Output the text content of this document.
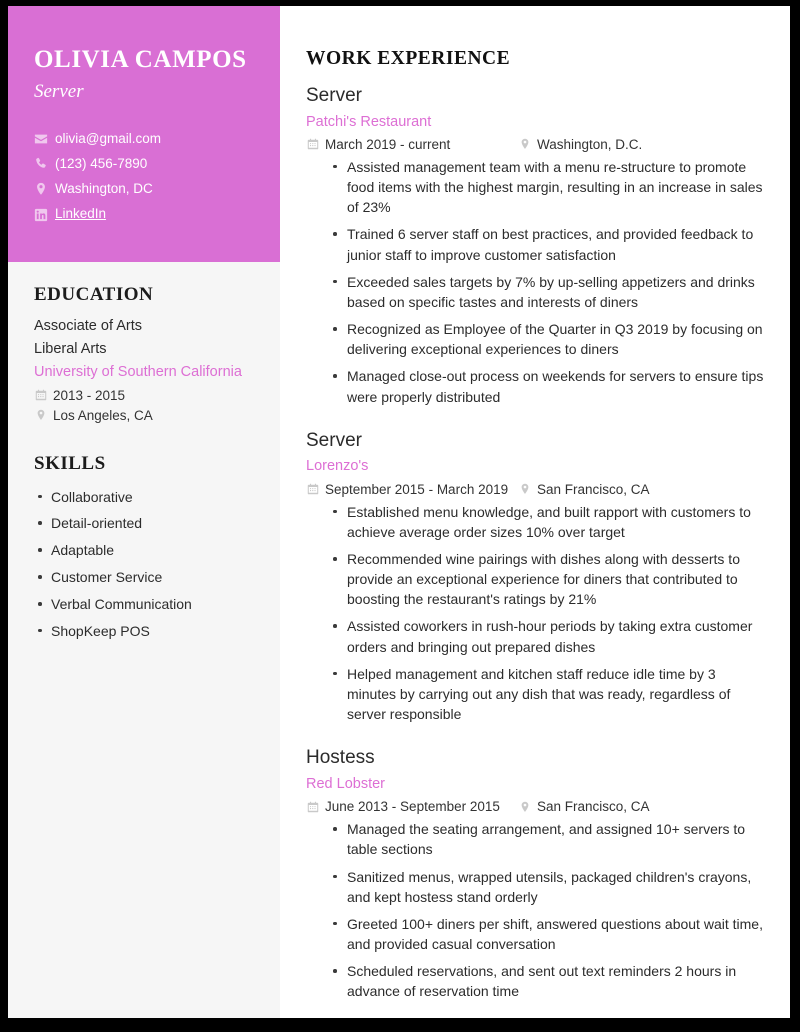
OLIVIA CAMPOS
Server
olivia@gmail.com
(123) 456-7890
Washington, DC
LinkedIn
EDUCATION
Associate of Arts
Liberal Arts
University of Southern California
2013 - 2015
Los Angeles, CA
SKILLS
Collaborative
Detail-oriented
Adaptable
Customer Service
Verbal Communication
ShopKeep POS
WORK EXPERIENCE
Server
Patchi's Restaurant
March 2019 - current	Washington, D.C.
Assisted management team with a menu re-structure to promote food items with the highest margin, resulting in an increase in sales of 23%
Trained 6 server staff on best practices, and provided feedback to junior staff to improve customer satisfaction
Exceeded sales targets by 7% by up-selling appetizers and drinks based on specific tastes and interests of diners
Recognized as Employee of the Quarter in Q3 2019 by focusing on delivering exceptional experiences to diners
Managed close-out process on weekends for servers to ensure tips were properly distributed
Server
Lorenzo's
September 2015 - March 2019 San Francisco, CA
Established menu knowledge, and built rapport with customers to achieve average order sizes 10% over target
Recommended wine pairings with dishes along with desserts to provide an exceptional experience for diners that contributed to boosting the restaurant's ratings by 21%
Assisted coworkers in rush-hour periods by taking extra customer orders and bringing out prepared dishes
Helped management and kitchen staff reduce idle time by 3 minutes by carrying out any dish that was ready, regardless of server responsible
Hostess
Red Lobster
June 2013 - September 2015	San Francisco, CA
Managed the seating arrangement, and assigned 10+ servers to table sections
Sanitized menus, wrapped utensils, packaged children's crayons, and kept hostess stand orderly
Greeted 100+ diners per shift, answered questions about wait time, and provided casual conversation
Scheduled reservations, and sent out text reminders 2 hours in advance of reservation time
